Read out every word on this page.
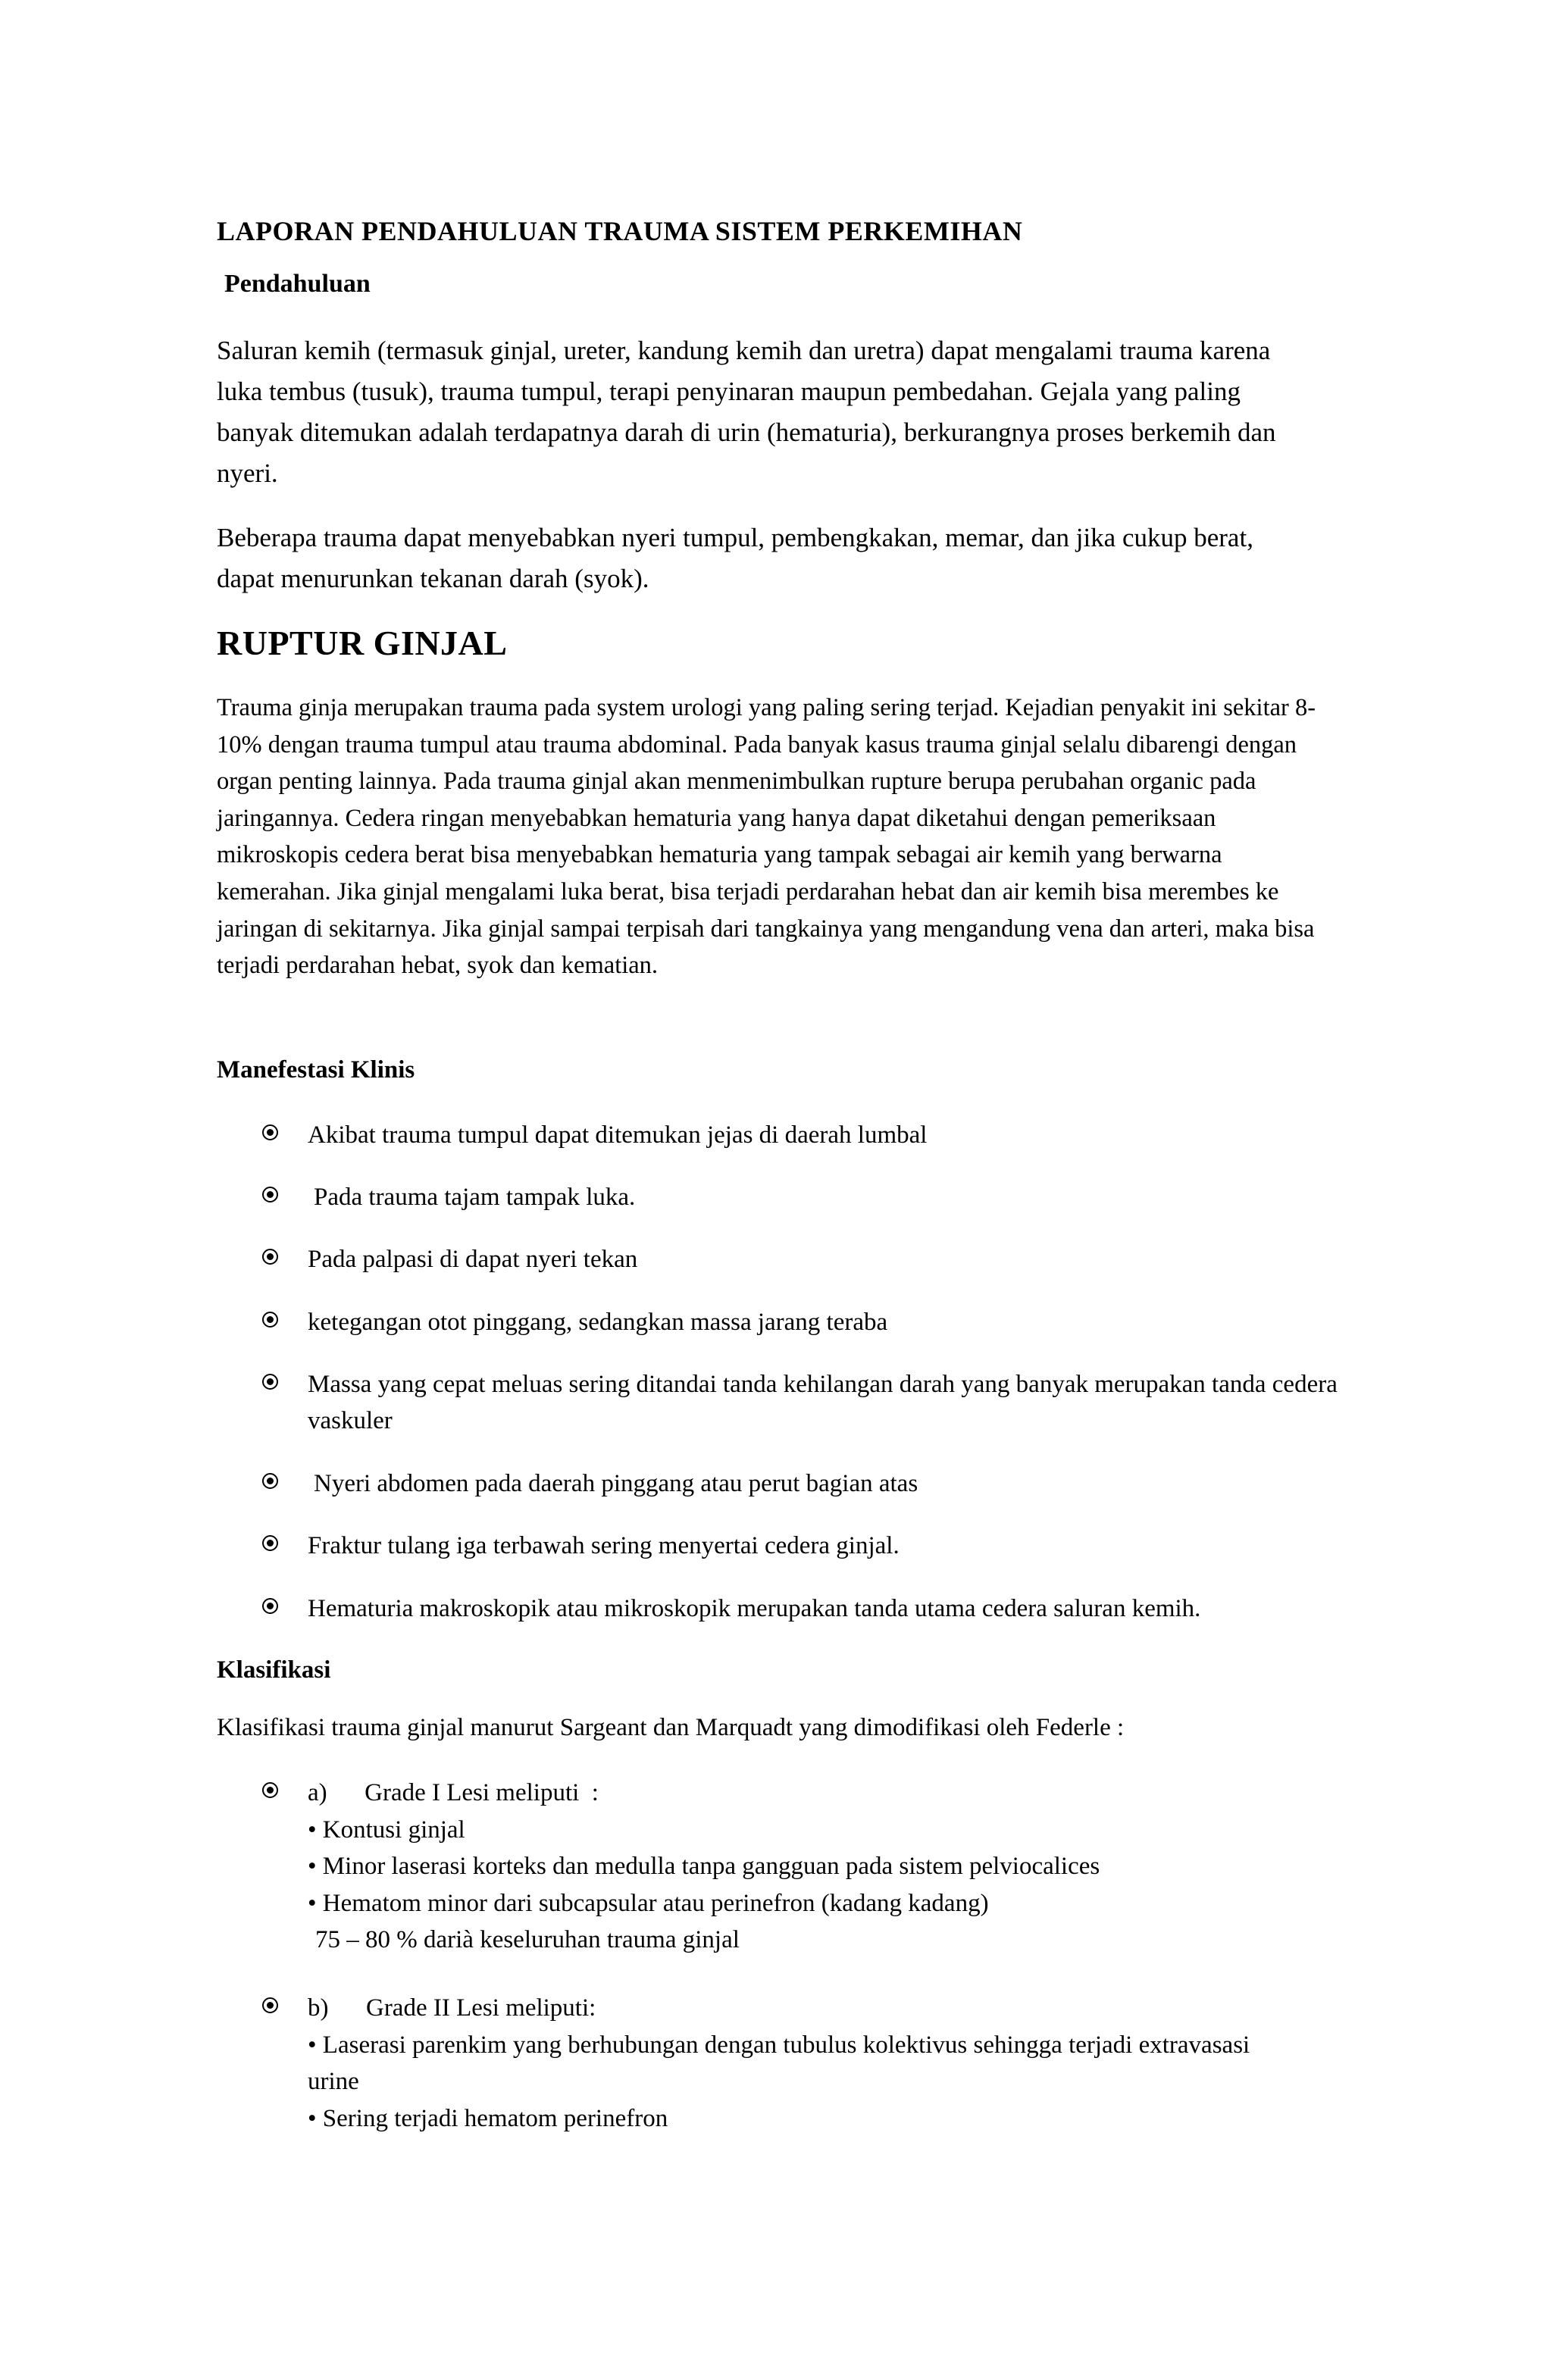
LAPORAN PENDAHULUAN TRAUMA SISTEM PERKEMIHAN
Pendahuluan

Saluran kemih (termasuk ginjal, ureter, kandung kemih dan uretra) dapat mengalami trauma karena luka tembus (tusuk), trauma tumpul, terapi penyinaran maupun pembedahan. Gejala yang paling banyak ditemukan adalah terdapatnya darah di urin (hematuria), berkurangnya proses berkemih dan nyeri.

Beberapa trauma dapat menyebabkan nyeri tumpul, pembengkakan, memar, dan jika cukup berat, dapat menurunkan tekanan darah (syok).

RUPTUR GINJAL

Trauma ginja merupakan trauma pada system urologi yang paling sering terjad. Kejadian penyakit ini sekitar 8-10% dengan trauma tumpul atau trauma abdominal. Pada banyak kasus trauma ginjal selalu dibarengi dengan organ penting lainnya. Pada trauma ginjal akan menmenimbulkan rupture berupa perubahan organic pada jaringannya. Cedera ringan menyebabkan hematuria yang hanya dapat diketahui dengan pemeriksaan mikroskopis cedera berat bisa menyebabkan hematuria yang tampak sebagai air kemih yang berwarna kemerahan. Jika ginjal mengalami luka berat, bisa terjadi perdarahan hebat dan air kemih bisa merembes ke jaringan di sekitarnya. Jika ginjal sampai terpisah dari tangkainya yang mengandung vena dan arteri, maka bisa terjadi perdarahan hebat, syok dan kematian.

Manefestasi Klinis
Akibat trauma tumpul dapat ditemukan jejas di daerah lumbal
Pada trauma tajam tampak luka.
Pada palpasi di dapat nyeri tekan
ketegangan otot pinggang, sedangkan massa jarang teraba
Massa yang cepat meluas sering ditandai tanda kehilangan darah yang banyak merupakan tanda cedera vaskuler
Nyeri abdomen pada daerah pinggang atau perut bagian atas
Fraktur tulang iga terbawah sering menyertai cedera ginjal.
Hematuria makroskopik atau mikroskopik merupakan tanda utama cedera saluran kemih.
Klasifikasi

Klasifikasi trauma ginjal manurut Sargeant dan Marquadt yang dimodifikasi oleh Federle :

a)      Grade I Lesi meliputi  :
• Kontusi ginjal
• Minor laserasi korteks dan medulla tanpa gangguan pada sistem pelviocalices
• Hematom minor dari subcapsular atau perinefron (kadang kadang)
75 – 80 % darià keseluruhan trauma ginjal
b)      Grade II Lesi meliputi:
• Laserasi parenkim yang berhubungan dengan tubulus kolektivus sehingga terjadi extravasasi urine
• Sering terjadi hematom perinefron
